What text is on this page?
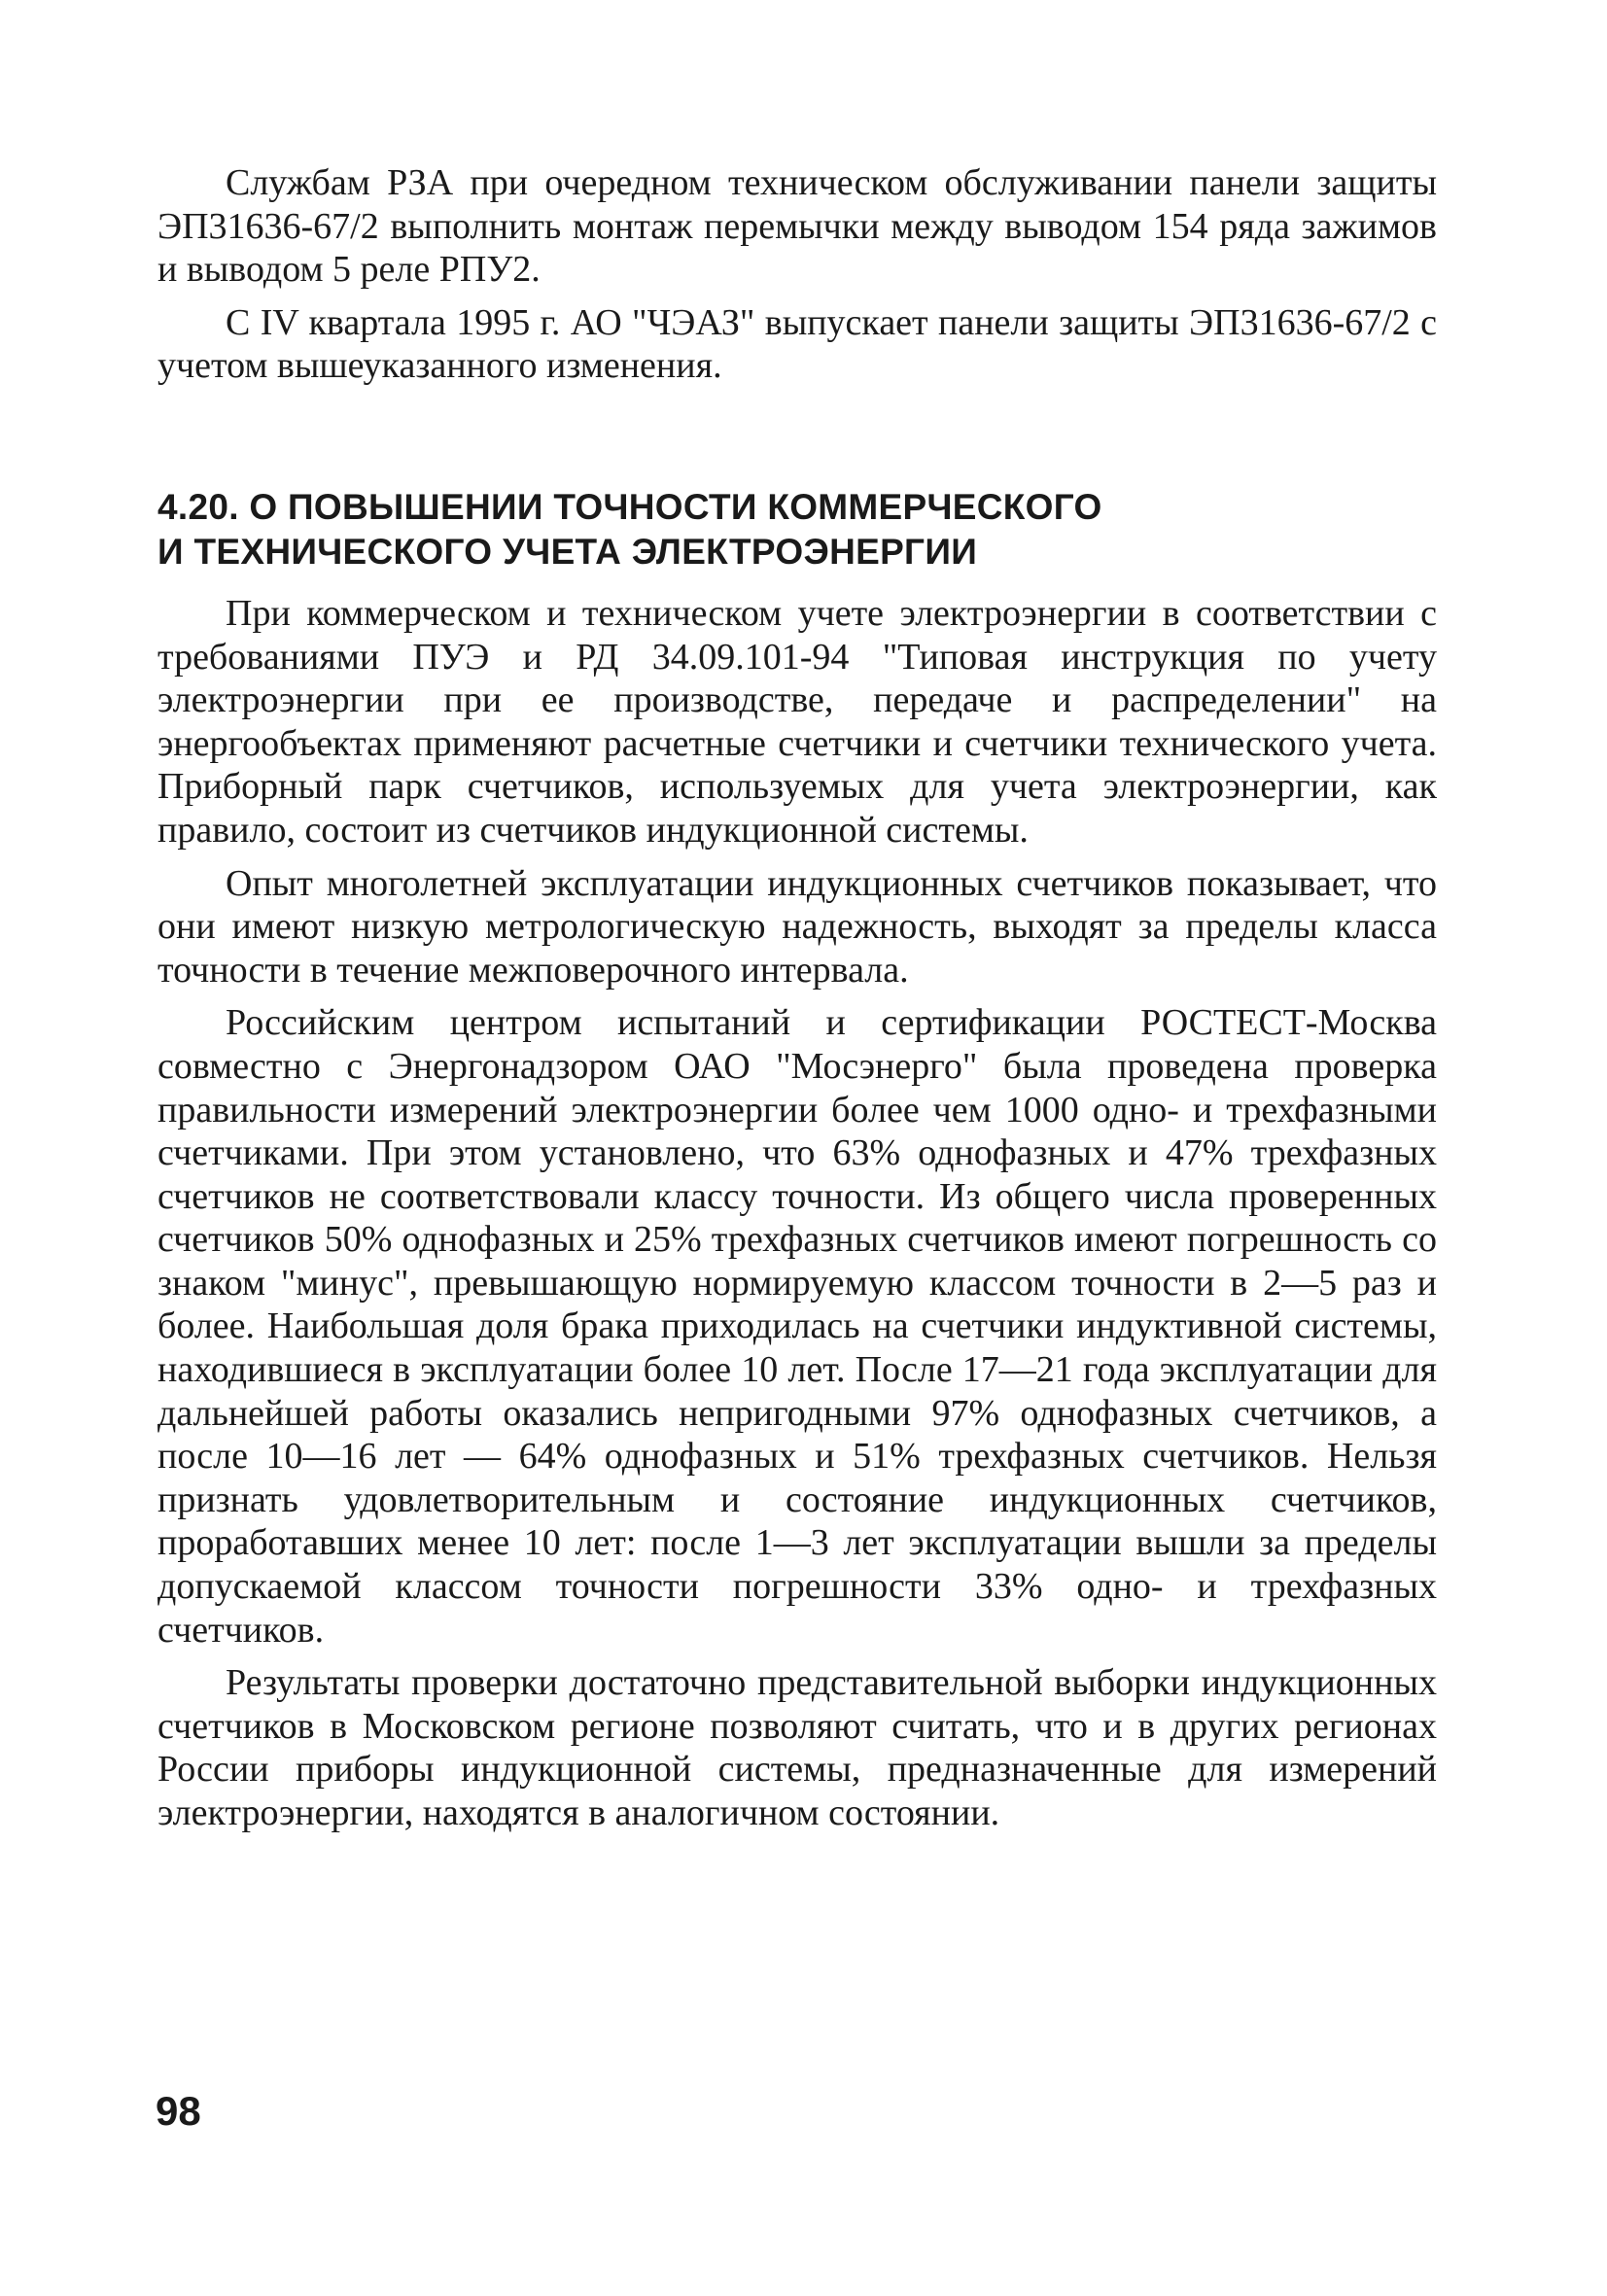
Службам РЗА при очередном техническом обслуживании панели защиты ЭП31636-67/2 выполнить монтаж перемычки между выводом 154 ряда зажимов и выводом 5 реле РПУ2.

С IV квартала 1995 г. АО "ЧЭАЗ" выпускает панели защиты ЭП31636-67/2 с учетом вышеуказанного изменения.

4.20. О ПОВЫШЕНИИ ТОЧНОСТИ КОММЕРЧЕСКОГО
И ТЕХНИЧЕСКОГО УЧЕТА ЭЛЕКТРОЭНЕРГИИ

При коммерческом и техническом учете электроэнергии в соответствии с требованиями ПУЭ и РД 34.09.101-94 "Типовая инструкция по учету электроэнергии при ее производстве, передаче и распределении" на энергообъектах применяют расчетные счетчики и счетчики технического учета. Приборный парк счетчиков, используемых для учета электроэнергии, как правило, состоит из счетчиков индукционной системы.

Опыт многолетней эксплуатации индукционных счетчиков показывает, что они имеют низкую метрологическую надежность, выходят за пределы класса точности в течение межповерочного интервала.

Российским центром испытаний и сертификации РОСТЕСТ-Москва совместно с Энергонадзором ОАО "Мосэнерго" была проведена проверка правильности измерений электроэнергии более чем 1000 одно- и трехфазными счетчиками. При этом установлено, что 63% однофазных и 47% трехфазных счетчиков не соответствовали классу точности. Из общего числа проверенных счетчиков 50% однофазных и 25% трехфазных счетчиков имеют погрешность со знаком "минус", превышающую нормируемую классом точности в 2—5 раз и более. Наибольшая доля брака приходилась на счетчики индуктивной системы, находившиеся в эксплуатации более 10 лет. После 17—21 года эксплуатации для дальнейшей работы оказались непригодными 97% однофазных счетчиков, а после 10—16 лет — 64% однофазных и 51% трехфазных счетчиков. Нельзя признать удовлетворительным и состояние индукционных счетчиков, проработавших менее 10 лет: после 1—3 лет эксплуатации вышли за пределы допускаемой классом точности погрешности 33% одно- и трехфазных счетчиков.

Результаты проверки достаточно представительной выборки индукционных счетчиков в Московском регионе позволяют считать, что и в других регионах России приборы индукционной системы, предназначенные для измерений электроэнергии, находятся в аналогичном состоянии.

98
